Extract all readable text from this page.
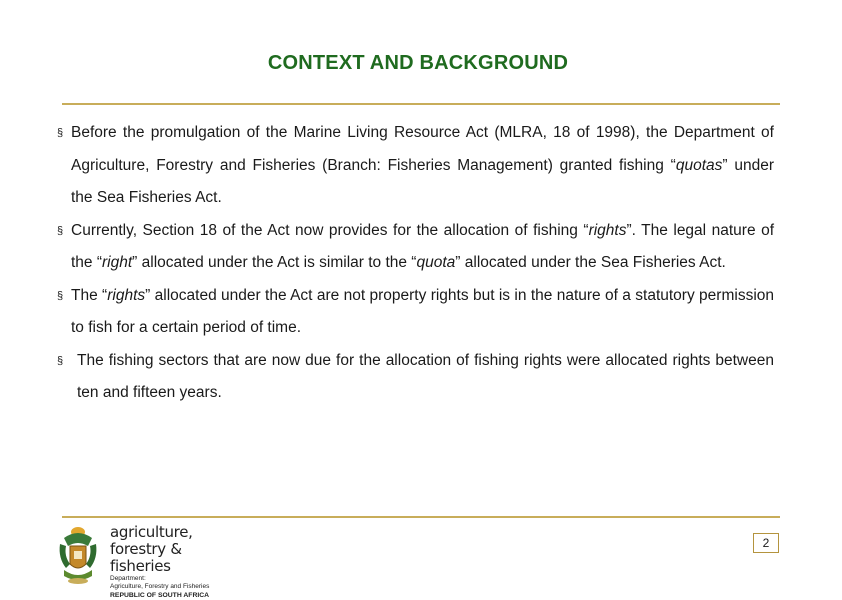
CONTEXT AND BACKGROUND
§ Before the promulgation of the Marine Living Resource Act (MLRA, 18 of 1998), the Department of Agriculture, Forestry and Fisheries (Branch: Fisheries Management) granted fishing “quotas” under the Sea Fisheries Act.
§ Currently, Section 18 of the Act now provides for the allocation of fishing “rights”. The legal nature of the “right” allocated under the Act is similar to the “quota” allocated under the Sea Fisheries Act.
§ The “rights” allocated under the Act are not property rights but is in the nature of a statutory permission to fish for a certain period of time.
§ The fishing sectors that are now due for the allocation of fishing rights were allocated rights between ten and fifteen years.
agriculture,
forestry & fisheries
Department:
Agriculture, Forestry and Fisheries
REPUBLIC OF SOUTH AFRICA
2
